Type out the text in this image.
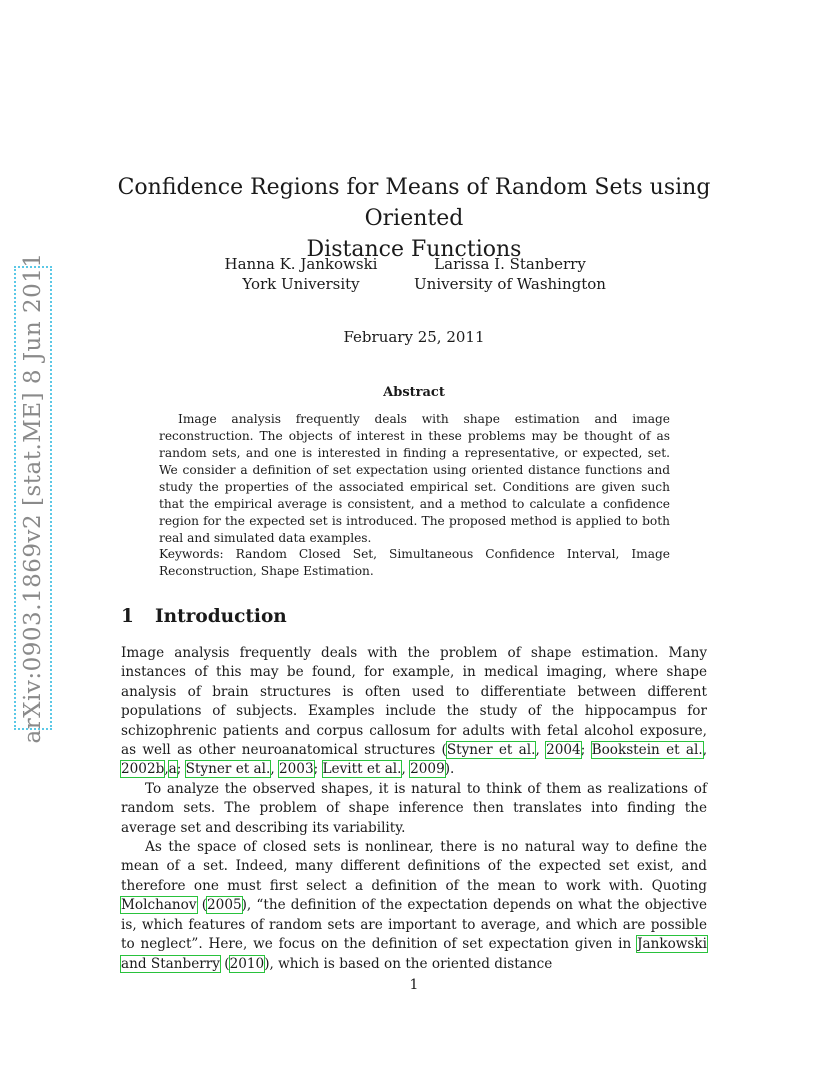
arXiv:0903.1869v2 [stat.ME] 8 Jun 2011
Confidence Regions for Means of Random Sets using Oriented
Distance Functions
Hanna K. Jankowski
York University
Larissa I. Stanberry
University of Washington
February 25, 2011
Abstract

Image analysis frequently deals with shape estimation and image reconstruction. The objects of interest in these problems may be thought of as random sets, and one is interested in finding a representative, or expected, set. We consider a definition of set expectation using oriented distance functions and study the properties of the associated empirical set. Conditions are given such that the empirical average is consistent, and a method to calculate a confidence region for the expected set is introduced. The proposed method is applied to both real and simulated data examples.

Keywords: Random Closed Set, Simultaneous Confidence Interval, Image Reconstruction, Shape Estimation.
1 Introduction

Image analysis frequently deals with the problem of shape estimation. Many instances of this may be found, for example, in medical imaging, where shape analysis of brain structures is often used to differentiate between different populations of subjects. Examples include the study of the hippocampus for schizophrenic patients and corpus callosum for adults with fetal alcohol exposure, as well as other neuroanatomical structures (Styner et al., 2004; Bookstein et al., 2002b,a; Styner et al., 2003; Levitt et al., 2009).

To analyze the observed shapes, it is natural to think of them as realizations of random sets. The problem of shape inference then translates into finding the average set and describing its variability.

As the space of closed sets is nonlinear, there is no natural way to define the mean of a set. Indeed, many different definitions of the expected set exist, and therefore one must first select a definition of the mean to work with. Quoting Molchanov (2005), “the definition of the expectation depends on what the objective is, which features of random sets are important to average, and which are possible to neglect”. Here, we focus on the definition of set expectation given in Jankowski and Stanberry (2010), which is based on the oriented distance

1
